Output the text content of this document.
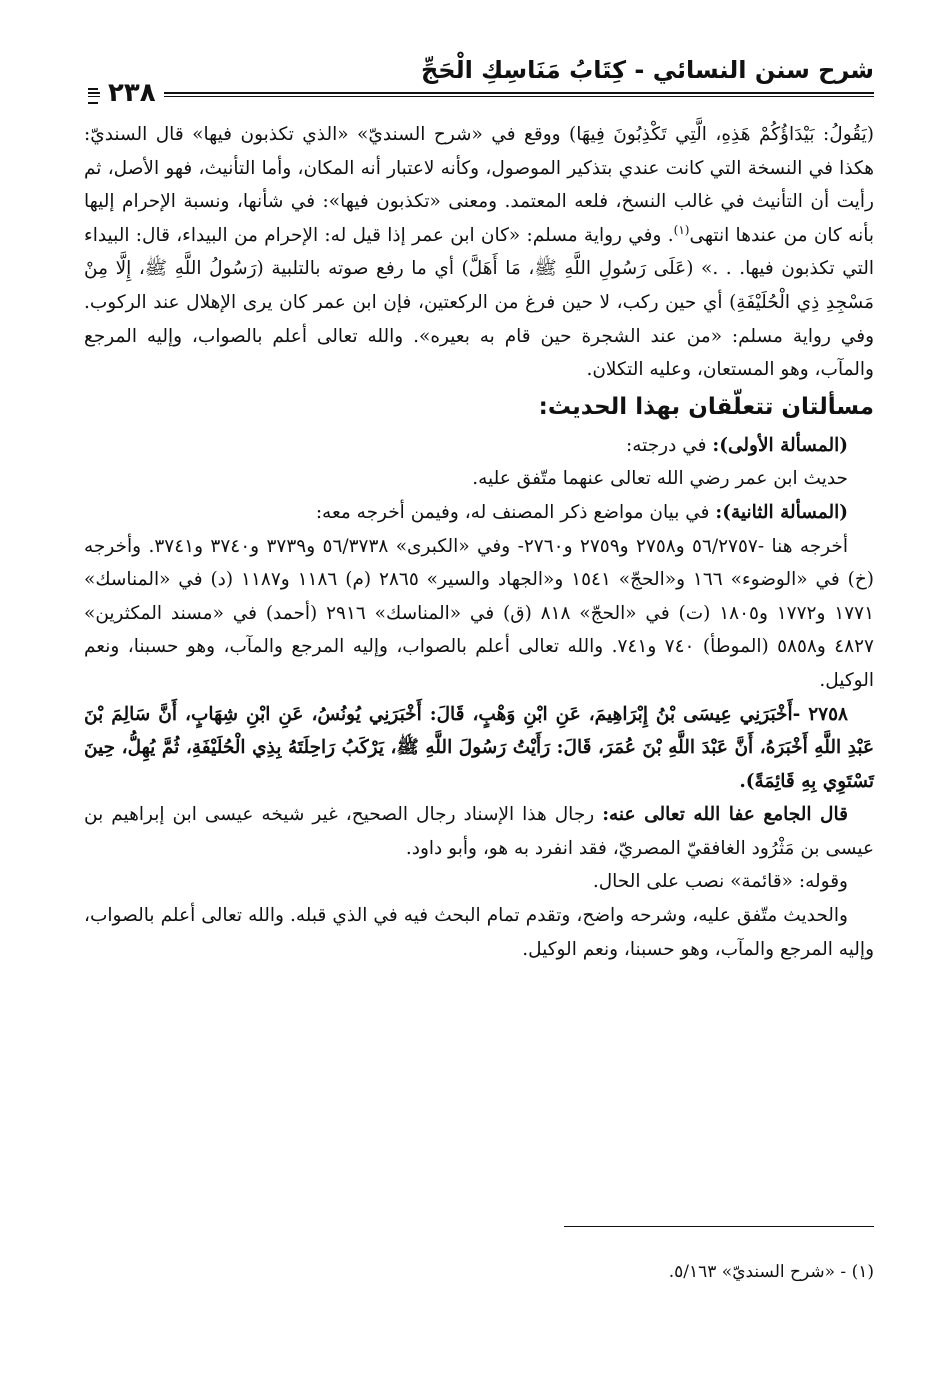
شرح سنن النسائي - كِتَابُ مَنَاسِكِ الْحَجِّ
٢٣٨

(يَقُولُ: بَيْدَاؤُكُمْ هَذِهِ، الَّتِي تَكْذِبُونَ فِيهَا) ووقع في «شرح السنديّ» «الذي تكذبون فيها» قال السنديّ: هكذا في النسخة التي كانت عندي بتذكير الموصول، وكأنه لاعتبار أنه المكان، وأما التأنيث، فهو الأصل، ثم رأيت أن التأنيث في غالب النسخ، فلعه المعتمد. ومعنى «تكذبون فيها»: في شأنها، ونسبة الإحرام إليها بأنه كان من عندها انتهى$^{(١)}$. وفي رواية مسلم: «كان ابن عمر إذا قيل له: الإحرام من البيداء، قال: البيداء التي تكذبون فيها. . .» (عَلَى رَسُولِ اللَّهِ ﷺ، مَا أَهَلَّ) أي ما رفع صوته بالتلبية (رَسُولُ اللَّهِ ﷺ، إِلَّا مِنْ مَسْجِدِ ذِي الْحُلَيْفَةِ) أي حين ركب، لا حين فرغ من الركعتين، فإن ابن عمر كان يرى الإهلال عند الركوب. وفي رواية مسلم: «من عند الشجرة حين قام به بعيره». والله تعالى أعلم بالصواب، وإليه المرجع والمآب، وهو المستعان، وعليه التكلان.

مسألتان تتعلّقان بهذا الحديث:

(المسألة الأولى): في درجته:

حديث ابن عمر رضي الله تعالى عنهما متّفق عليه.

(المسألة الثانية): في بيان مواضع ذكر المصنف له، وفيمن أخرجه معه:

أخرجه هنا -٥٦/٢٧٥٧ و٢٧٥٨ و٢٧٥٩ و٢٧٦٠- وفي «الكبرى» ٥٦/٣٧٣٨ و٣٧٣٩ و٣٧٤٠ و٣٧٤١. وأخرجه (خ) في «الوضوء» ١٦٦ و«الحجّ» ١٥٤١ و«الجهاد والسير» ٢٨٦٥ (م) ١١٨٦ و١١٨٧ (د) في «المناسك» ١٧٧١ و١٧٧٢ و١٨٠٥ (ت) في «الحجّ» ٨١٨ (ق) في «المناسك» ٢٩١٦ (أحمد) في «مسند المكثرين» ٤٨٢٧ و٥٨٥٨ (الموطأ) ٧٤٠ و٧٤١. والله تعالى أعلم بالصواب، وإليه المرجع والمآب، وهو حسبنا، ونعم الوكيل.

٢٧٥٨ -أَخْبَرَنِي عِيسَى بْنُ إِبْرَاهِيمَ، عَنِ ابْنِ وَهْبٍ، قَالَ: أَخْبَرَنِي يُونُسُ، عَنِ ابْنِ شِهَابٍ، أَنَّ سَالِمَ بْنَ عَبْدِ اللَّهِ أَخْبَرَهُ، أَنَّ عَبْدَ اللَّهِ بْنَ عُمَرَ، قَالَ: رَأَيْتُ رَسُولَ اللَّهِ ﷺ، يَرْكَبُ رَاحِلَتَهُ بِذِي الْحُلَيْفَةِ، ثُمَّ يُهِلُّ، حِينَ تَسْتَوِي بِهِ قَائِمَةً).

قال الجامع عفا الله تعالى عنه: رجال هذا الإسناد رجال الصحيح، غير شيخه عيسى ابن إبراهيم بن عيسى بن مَثْرُود الغافقيّ المصريّ، فقد انفرد به هو، وأبو داود.

وقوله: «قائمة» نصب على الحال.

والحديث متّفق عليه، وشرحه واضح، وتقدم تمام البحث فيه في الذي قبله. والله تعالى أعلم بالصواب، وإليه المرجع والمآب، وهو حسبنا، ونعم الوكيل.

(١) - «شرح السنديّ» ٥/١٦٣.
